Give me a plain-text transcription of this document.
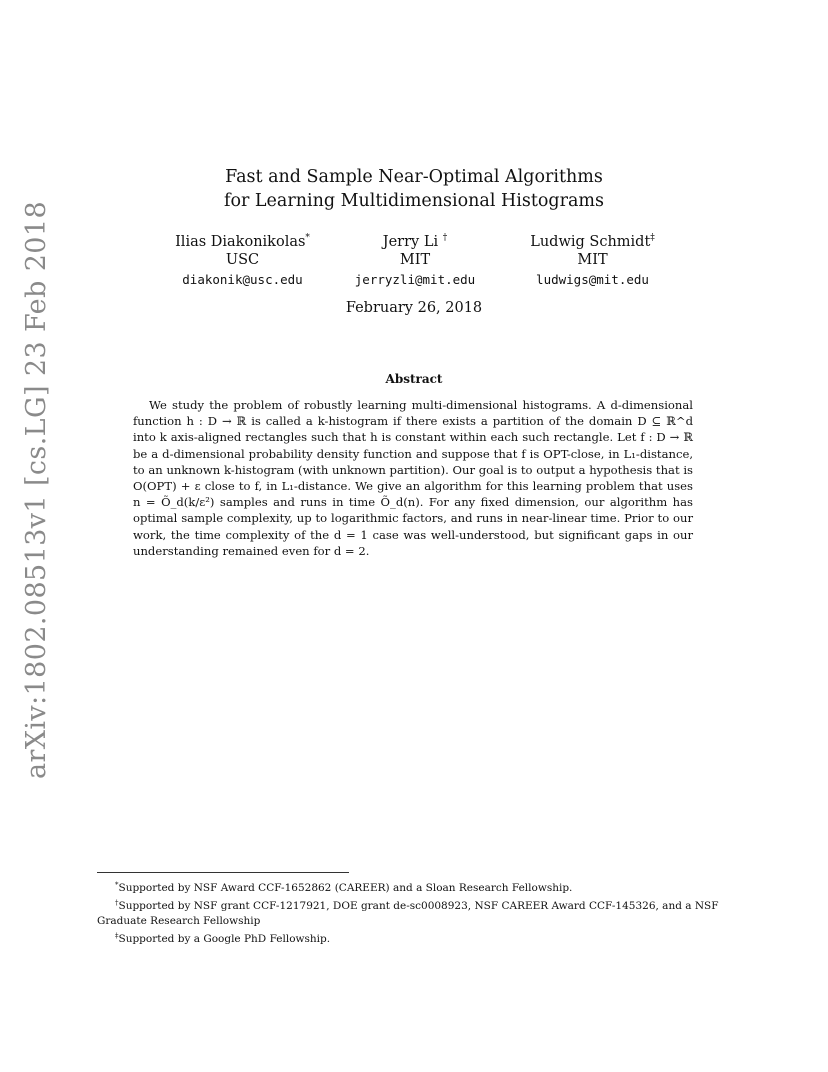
arXiv:1802.08513v1 [cs.LG] 23 Feb 2018
Fast and Sample Near-Optimal Algorithms
for Learning Multidimensional Histograms
Ilias Diakonikolas*
USC
diakonik@usc.edu
Jerry Li †
MIT
jerryzli@mit.edu
Ludwig Schmidt‡
MIT
ludwigs@mit.edu
February 26, 2018
Abstract
We study the problem of robustly learning multi-dimensional histograms. A d-dimensional function h : D → ℝ is called a k-histogram if there exists a partition of the domain D ⊆ ℝ^d into k axis-aligned rectangles such that h is constant within each such rectangle. Let f : D → ℝ be a d-dimensional probability density function and suppose that f is OPT-close, in L₁-distance, to an unknown k-histogram (with unknown partition). Our goal is to output a hypothesis that is O(OPT) + ε close to f, in L₁-distance. We give an algorithm for this learning problem that uses n = Õ_d(k/ε²) samples and runs in time Õ_d(n). For any fixed dimension, our algorithm has optimal sample complexity, up to logarithmic factors, and runs in near-linear time. Prior to our work, the time complexity of the d = 1 case was well-understood, but significant gaps in our understanding remained even for d = 2.

*Supported by NSF Award CCF-1652862 (CAREER) and a Sloan Research Fellowship.

†Supported by NSF grant CCF-1217921, DOE grant de-sc0008923, NSF CAREER Award CCF-145326, and a NSF Graduate Research Fellowship

‡Supported by a Google PhD Fellowship.
